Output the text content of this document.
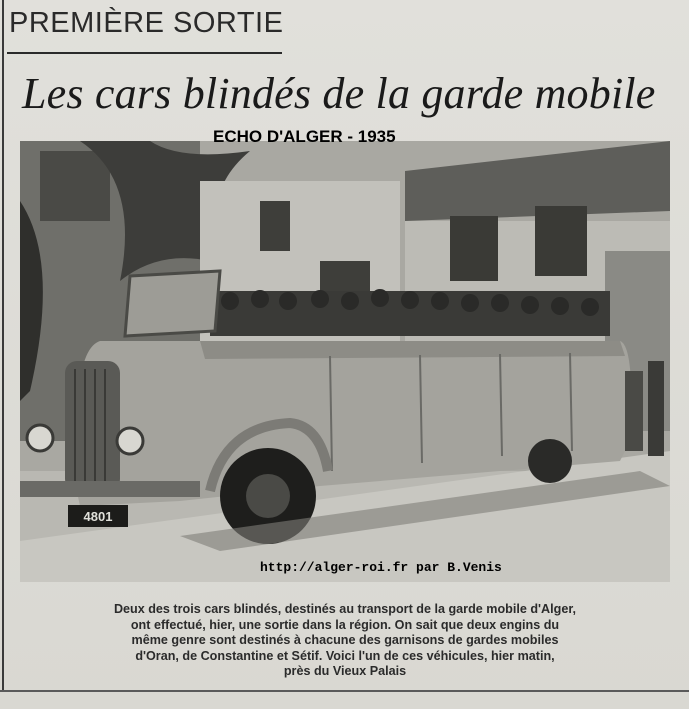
PREMIÈRE SORTIE
Les cars blindés de la garde mobile
4801
ECHO D'ALGER - 1935
http://alger-roi.fr par B.Venis
Deux des trois cars blindés, destinés au transport de la garde mobile d'Alger,
ont effectué, hier, une sortie dans la région. On sait que deux engins du
même genre sont destinés à chacune des garnisons de gardes mobiles
d'Oran, de Constantine et Sétif. Voici l'un de ces véhicules, hier matin,
près du Vieux Palais
